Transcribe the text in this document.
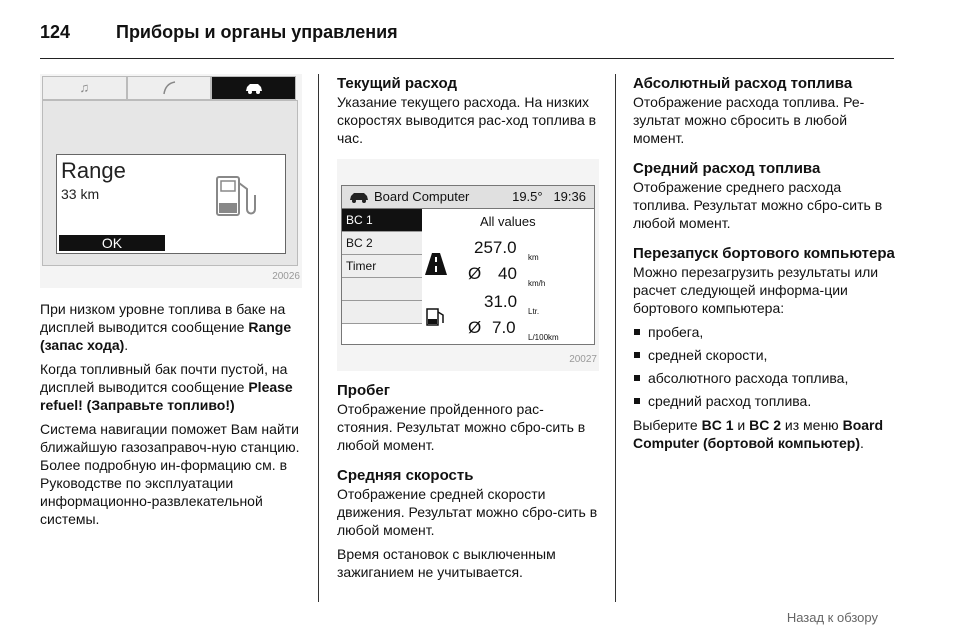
124	Приборы и органы управления
♫
Range
33 km
OK
20026

При низком уровне топлива в баке на дисплей выводится сообщение Range (запас хода).

Когда топливный бак почти пустой, на дисплей выводится сообщение Please refuel! (Заправьте топливо!)

Система навигации поможет Вам найти ближайшую газозаправоч-ную станцию. Более подробную ин-формацию см. в Руководстве по эксплуатации информационно-развлекательной системы.

Текущий расход

Указание текущего расхода. На низких скоростях выводится рас-ход топлива в час.

Board Computer	19.5° 19:36
BC 1
BC 2
Timer
All values
257.0
km
Ø 40
km/h
31.0
Ltr.
Ø 7.0
L/100km
20027
Пробег

Отображение пройденного рас-стояния. Результат можно сбро-сить в любой момент.

Средняя скорость

Отображение средней скорости движения. Результат можно сбро-сить в любой момент.

Время остановок с выключенным зажиганием не учитывается.

Абсолютный расход топлива

Отображение расхода топлива. Ре-зультат можно сбросить в любой момент.

Средний расход топлива

Отображение среднего расхода топлива. Результат можно сбро-сить в любой момент.

Перезапуск бортового компьютера

Можно перезагрузить результаты или расчет следующей информа-ции бортового компьютера:

пробега,
средней скорости,
абсолютного расхода топлива,
средний расход топлива.

Выберите BC 1 и BC 2 из меню Board Computer (бортовой компьютер).

Назад к обзору
